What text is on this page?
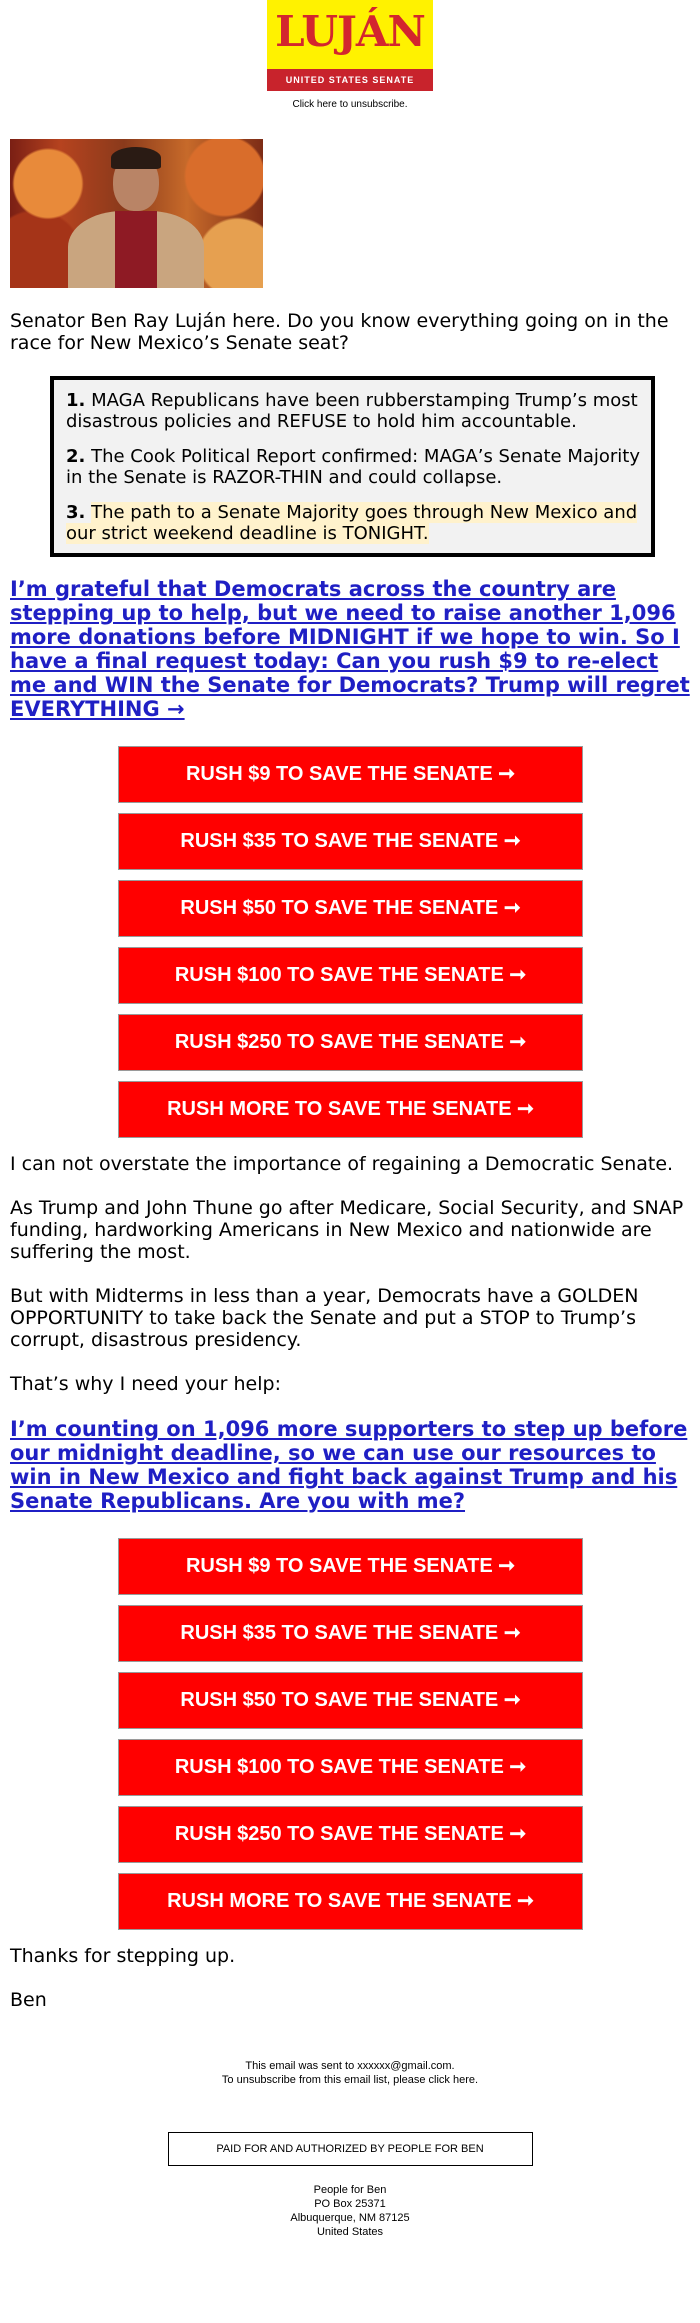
LUJÁN
UNITED STATES SENATE
Click here to unsubscribe.

Senator Ben Ray Luján here. Do you know everything going on in the race for New Mexico’s Senate seat?

1. MAGA Republicans have been rubberstamping Trump’s most disastrous policies and REFUSE to hold him accountable.

2. The Cook Political Report confirmed: MAGA’s Senate Majority in the Senate is RAZOR-THIN and could collapse.

3. The path to a Senate Majority goes through New Mexico and our strict weekend deadline is TONIGHT.

I’m grateful that Democrats across the country are stepping up to help, but we need to raise another 1,096 more donations before MIDNIGHT if we hope to win. So I have a final request today: Can you rush $9 to re-elect me and WIN the Senate for Democrats? Trump will regret EVERYTHING →

RUSH $9 TO SAVE THE SENATE ➞
RUSH $35 TO SAVE THE SENATE ➞
RUSH $50 TO SAVE THE SENATE ➞
RUSH $100 TO SAVE THE SENATE ➞
RUSH $250 TO SAVE THE SENATE ➞
RUSH MORE TO SAVE THE SENATE ➞

I can not overstate the importance of regaining a Democratic Senate.

As Trump and John Thune go after Medicare, Social Security, and SNAP funding, hardworking Americans in New Mexico and nationwide are suffering the most.

But with Midterms in less than a year, Democrats have a GOLDEN OPPORTUNITY to take back the Senate and put a STOP to Trump’s corrupt, disastrous presidency.

That’s why I need your help:

I’m counting on 1,096 more supporters to step up before our midnight deadline, so we can use our resources to win in New Mexico and fight back against Trump and his Senate Republicans. Are you with me?

RUSH $9 TO SAVE THE SENATE ➞
RUSH $35 TO SAVE THE SENATE ➞
RUSH $50 TO SAVE THE SENATE ➞
RUSH $100 TO SAVE THE SENATE ➞
RUSH $250 TO SAVE THE SENATE ➞
RUSH MORE TO SAVE THE SENATE ➞

Thanks for stepping up.

Ben

This email was sent to xxxxxx@gmail.com.
To unsubscribe from this email list, please click here.
PAID FOR AND AUTHORIZED BY PEOPLE FOR BEN
People for Ben
PO Box 25371
Albuquerque, NM 87125
United States
